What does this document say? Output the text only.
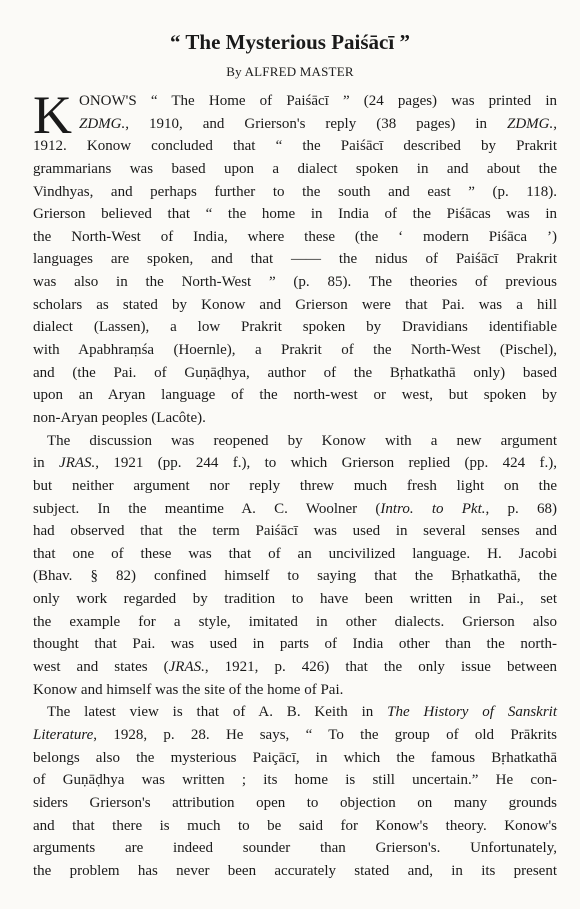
“ The Mysterious Paiśācī ”
By ALFRED MASTER
K ONOW'S “ The Home of Paiśācī ” (24 pages) was printed in
ZDMG., 1910, and Grierson's reply (38 pages) in ZDMG.,
1912. Konow concluded that “ the Paiśācī described by Prakrit
grammarians was based upon a dialect spoken in and about the
Vindhyas, and perhaps further to the south and east ” (p. 118).
Grierson believed that “ the home in India of the Piśācas was in
the North-West of India, where these (the ‘ modern Piśāca ’)
languages are spoken, and that —— the nidus of Paiśācī Prakrit
was also in the North-West ” (p. 85). The theories of previous
scholars as stated by Konow and Grierson were that Pai. was a hill
dialect (Lassen), a low Prakrit spoken by Dravidians identifiable
with Apabhraṃśa (Hoernle), a Prakrit of the North-West (Pischel),
and (the Pai. of Guṇāḍhya, author of the Bṛhatkathā only) based
upon an Aryan language of the north-west or west, but spoken by
non-Aryan peoples (Lacôte).
The discussion was reopened by Konow with a new argument
in JRAS., 1921 (pp. 244 f.), to which Grierson replied (pp. 424 f.),
but neither argument nor reply threw much fresh light on the
subject. In the meantime A. C. Woolner (Intro. to Pkt., p. 68)
had observed that the term Paiśācī was used in several senses and
that one of these was that of an uncivilized language. H. Jacobi
(Bhav. § 82) confined himself to saying that the Bṛhatkathā, the
only work regarded by tradition to have been written in Pai., set
the example for a style, imitated in other dialects. Grierson also
thought that Pai. was used in parts of India other than the north-
west and states (JRAS., 1921, p. 426) that the only issue between
Konow and himself was the site of the home of Pai.
The latest view is that of A. B. Keith in The History of Sanskrit
Literature, 1928, p. 28. He says, “ To the group of old Prākrits
belongs also the mysterious Paiçācī, in which the famous Bṛhatkathā
of Guṇāḍhya was written ; its home is still uncertain.” He con-
siders Grierson's attribution open to objection on many grounds
and that there is much to be said for Konow's theory. Konow's
arguments are indeed sounder than Grierson's. Unfortunately,
the problem has never been accurately stated and, in its present
